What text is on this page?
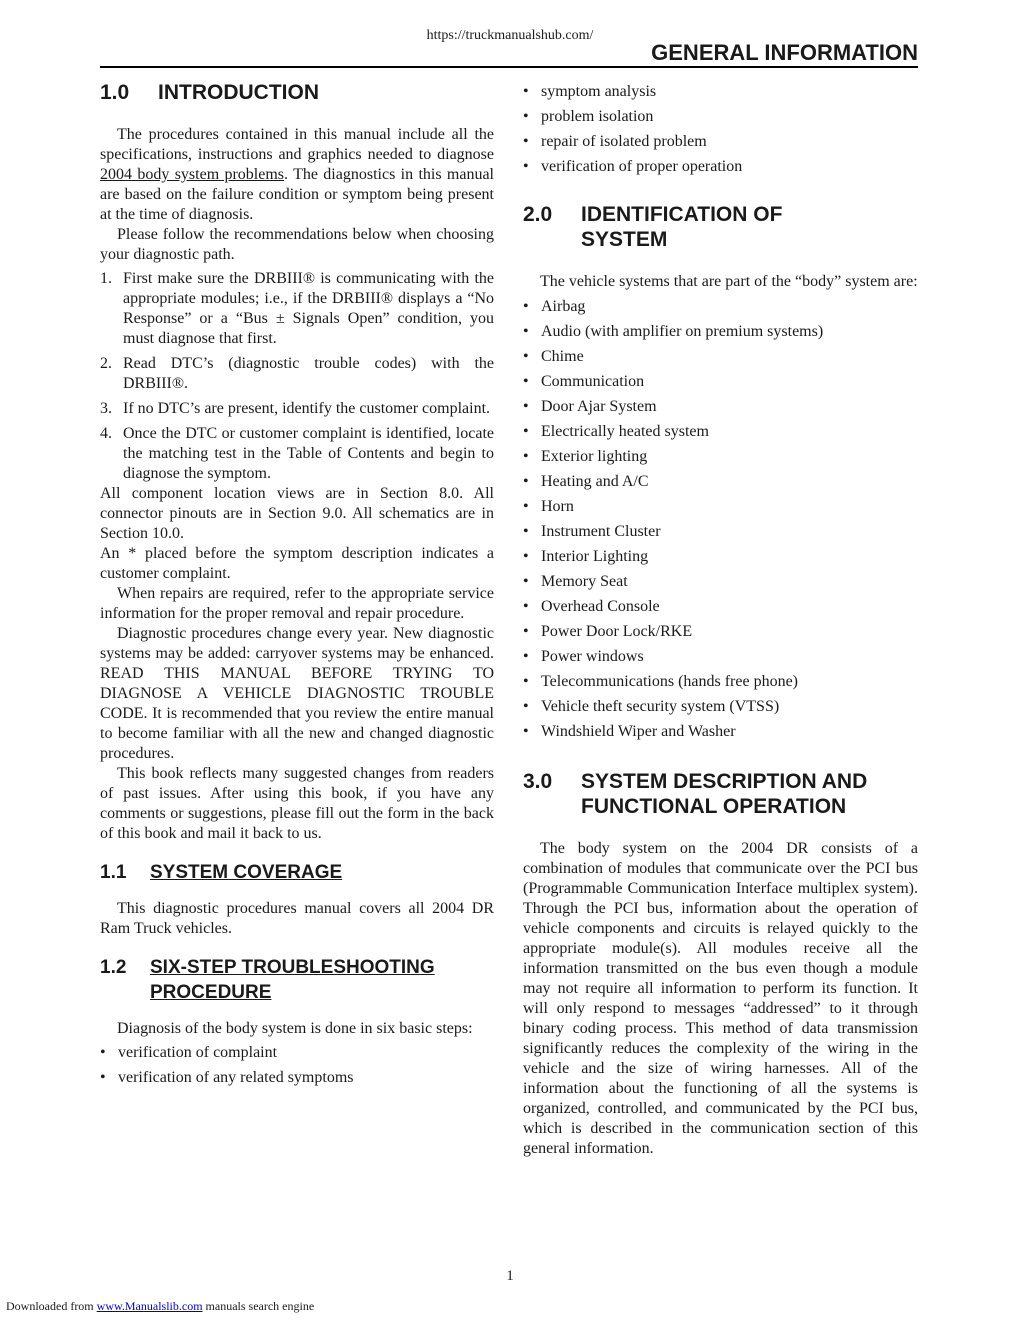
https://truckmanualshub.com/
GENERAL INFORMATION
1.0	INTRODUCTION

The procedures contained in this manual include all the specifications, instructions and graphics needed to diagnose 2004 body system problems. The diagnostics in this manual are based on the failure condition or symptom being present at the time of diagnosis.

Please follow the recommendations below when choosing your diagnostic path.

1. First make sure the DRBIII® is communicating with the appropriate modules; i.e., if the DRBIII® displays a “No Response” or a “Bus ± Signals Open” condition, you must diagnose that first.
2. Read DTC’s (diagnostic trouble codes) with the DRBIII®.
3. If no DTC’s are present, identify the customer complaint.
4. Once the DTC or customer complaint is identified, locate the matching test in the Table of Contents and begin to diagnose the symptom.

All component location views are in Section 8.0. All connector pinouts are in Section 9.0. All schematics are in Section 10.0.

An * placed before the symptom description indicates a customer complaint.

When repairs are required, refer to the appropriate service information for the proper removal and repair procedure.

Diagnostic procedures change every year. New diagnostic systems may be added: carryover systems may be enhanced. READ THIS MANUAL BEFORE TRYING TO DIAGNOSE A VEHICLE DIAGNOSTIC TROUBLE CODE. It is recommended that you review the entire manual to become familiar with all the new and changed diagnostic procedures.

This book reflects many suggested changes from readers of past issues. After using this book, if you have any comments or suggestions, please fill out the form in the back of this book and mail it back to us.

1.1	SYSTEM COVERAGE

This diagnostic procedures manual covers all 2004 DR Ram Truck vehicles.

1.2	SIX-STEP TROUBLESHOOTING
PROCEDURE

Diagnosis of the body system is done in six basic steps:

• verification of complaint
• verification of any related symptoms
• symptom analysis
• problem isolation
• repair of isolated problem
• verification of proper operation
2.0	IDENTIFICATION OF
SYSTEM

The vehicle systems that are part of the “body” system are:

• Airbag
• Audio (with amplifier on premium systems)
• Chime
• Communication
• Door Ajar System
• Electrically heated system
• Exterior lighting
• Heating and A/C
• Horn
• Instrument Cluster
• Interior Lighting
• Memory Seat
• Overhead Console
• Power Door Lock/RKE
• Power windows
• Telecommunications (hands free phone)
• Vehicle theft security system (VTSS)
• Windshield Wiper and Washer
3.0	SYSTEM DESCRIPTION AND
FUNCTIONAL OPERATION

The body system on the 2004 DR consists of a combination of modules that communicate over the PCI bus (Programmable Communication Interface multiplex system). Through the PCI bus, information about the operation of vehicle components and circuits is relayed quickly to the appropriate module(s). All modules receive all the information transmitted on the bus even though a module may not require all information to perform its function. It will only respond to messages “addressed” to it through binary coding process. This method of data transmission significantly reduces the complexity of the wiring in the vehicle and the size of wiring harnesses. All of the information about the functioning of all the systems is organized, controlled, and communicated by the PCI bus, which is described in the communication section of this general information.

1
Downloaded from www.Manualslib.com manuals search engine
